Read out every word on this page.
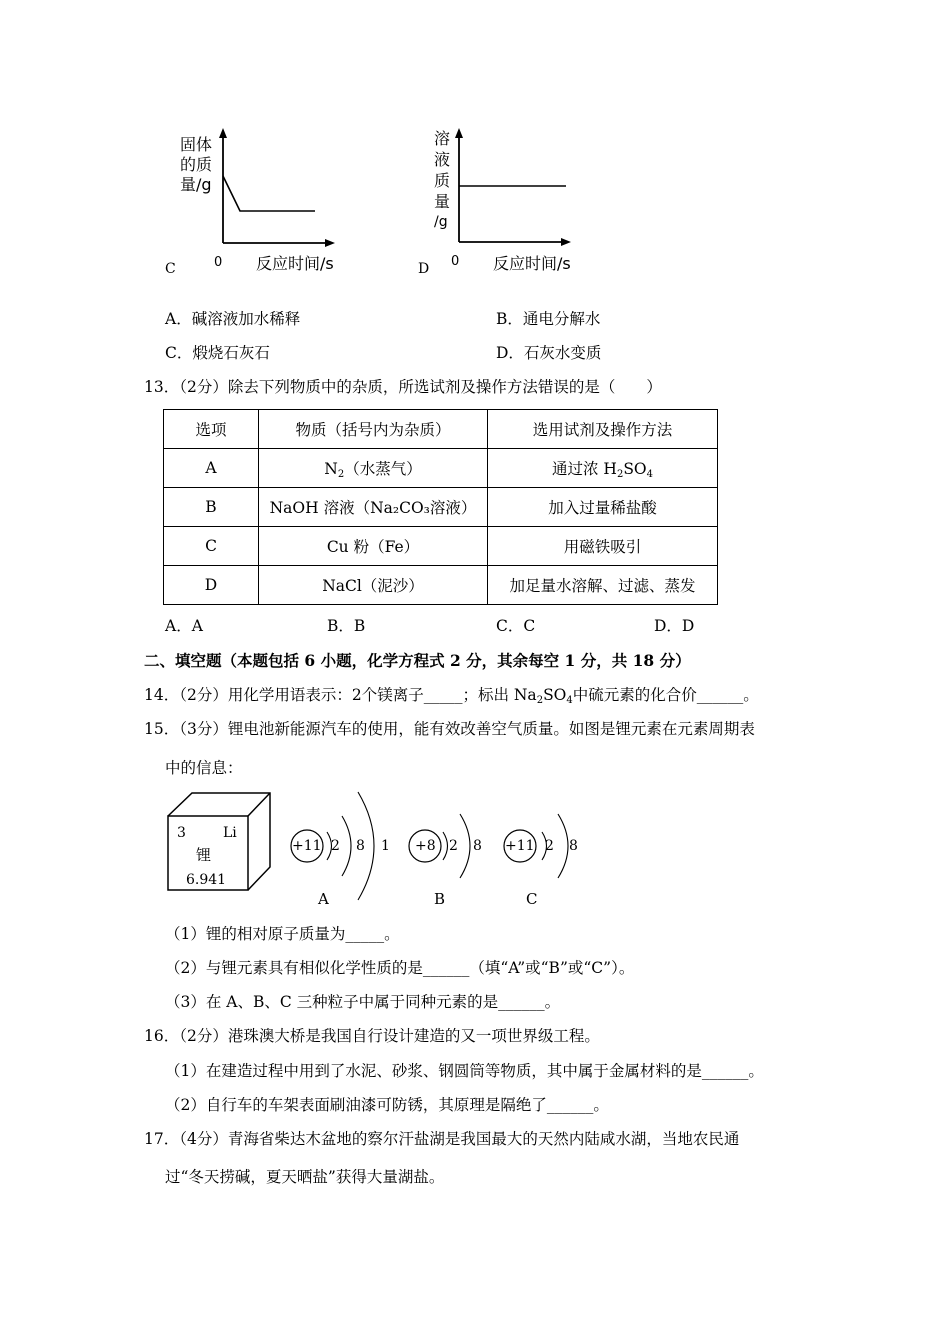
固体
的质
量/g
0 反应时间/s
C
溶
液
质
量
/g
0 反应时间/s
D
A．碱溶液加水稀释	B．通电分解水
C．煅烧石灰石	D．石灰水变质
13．（2分）除去下列物质中的杂质，所选试剂及操作方法错误的是（　　）
选项	物质（括号内为杂质）	选用试剂及操作方法
A	$N_2$（水蒸气）	通过浓 $H_2SO_4$
B	NaOH 溶液（Na₂CO₃溶液）	加入过量稀盐酸
C	Cu 粉（Fe）	用磁铁吸引
D	NaCl（泥沙）	加足量水溶解、过滤、蒸发
A．A	B．B	C．C	D．D
二、填空题（本题包括 6 小题，化学方程式 2 分，其余每空 1 分，共 18 分）
14．（2分）用化学用语表示：2个镁离子_____；标出 $Na_2SO_4$中硫元素的化合价______。
15．（3分）锂电池新能源汽车的使用，能有效改善空气质量。如图是锂元素在元素周期表
中的信息：
3	Li
锂
6.941
+11 2 8 1
A
+8 2 8
B
+11 2 8
C
（1）锂的相对原子质量为_____。
（2）与锂元素具有相似化学性质的是______（填“A”或“B”或“C”）。
（3）在 A、B、C 三种粒子中属于同种元素的是______。
16．（2分）港珠澳大桥是我国自行设计建造的又一项世界级工程。
（1）在建造过程中用到了水泥、砂浆、钢圆筒等物质，其中属于金属材料的是______。
（2）自行车的车架表面刷油漆可防锈，其原理是隔绝了______。
17．（4分）青海省柴达木盆地的察尔汗盐湖是我国最大的天然内陆咸水湖，当地农民通
过“冬天捞碱，夏天晒盐”获得大量湖盐。
